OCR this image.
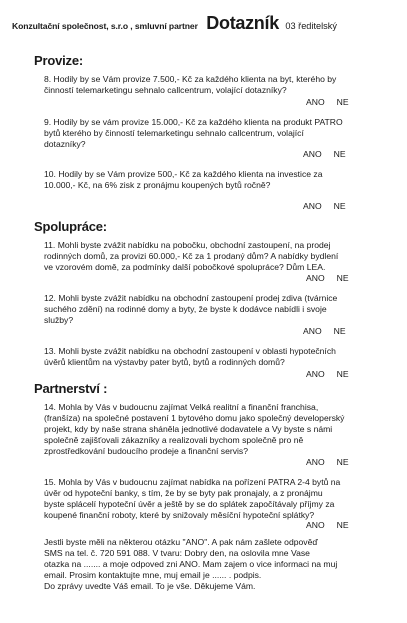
Konzultační společnost, s.r.o , smluvní partner Dotazník 03 ředitelský
Provize:
8. Hodily by se Vám provize 7.500,- Kč za každého klienta na byt, kterého by
činností telemarketingu sehnalo callcentrum, volající dotazníky?
ANO NE
9. Hodily by se vám provize 15.000,- Kč za každého klienta na produkt PATRO
bytů kterého by činností telemarketingu sehnalo callcentrum, volající
dotazníky?
ANO NE
10. Hodily by se Vám provize 500,- Kč za každého klienta na investice za
10.000,- Kč, na 6% zisk z pronájmu koupených bytů ročně?
ANO NE
Spolupráce:
11. Mohli byste zvážit nabídku na pobočku, obchodní zastoupení, na prodej
rodinných domů, za provizi 60.000,- Kč za 1 prodaný dům? A nabídky bydlení
ve vzorovém domě, za podmínky další pobočkové spolupráce? Dům LEA.
ANO NE
12. Mohli byste zvážit nabídku na obchodní zastoupení prodej zdiva (tvárnice
suchého zdění) na rodinné domy a byty, že byste k dodávce nabídli i svoje
služby?
ANO NE
13. Mohli byste zvážit nabídku na obchodní zastoupení v oblasti hypotečních
úvěrů klientům na výstavby pater bytů, bytů a rodinných domů?
ANO NE
Partnerství :
14. Mohla by Vás v budoucnu zajímat Velká realitní a finanční franchisa,
(franšíza) na společné postavení 1 bytového domu jako společný developerský
projekt, kdy by naše strana sháněla jednotlivé dodavatele a Vy byste s námi
společně zajišťovali zákazníky a realizovali bychom společně pro ně
zprostředkování budoucího prodeje a finanční servis?
ANO NE
15. Mohla by Vás v budoucnu zajímat nabídka na pořízení PATRA 2-4 bytů na
úvěr od hypoteční banky, s tím, že by se byty pak pronajaly, a z pronájmu
byste splácelí hypoteční úvěr a ještě by se do splátek započítávaly příjmy za
koupené finanční roboty, které by snižovaly měsíční hypoteční splátky?
ANO NE
Jestli byste měli na některou otázku "ANO". A pak nám zašlete odpověď
SMS na tel. č. 720 591 088. V tvaru: Dobry den, na oslovila mne Vase
otazka na ....... a moje odpoved zni ANO. Mam zajem o vice informaci na muj
email. Prosim kontaktujte mne, muj email je ...... . podpis.
Do zprávy uvedte Váš email. To je vše. Děkujeme Vám.
